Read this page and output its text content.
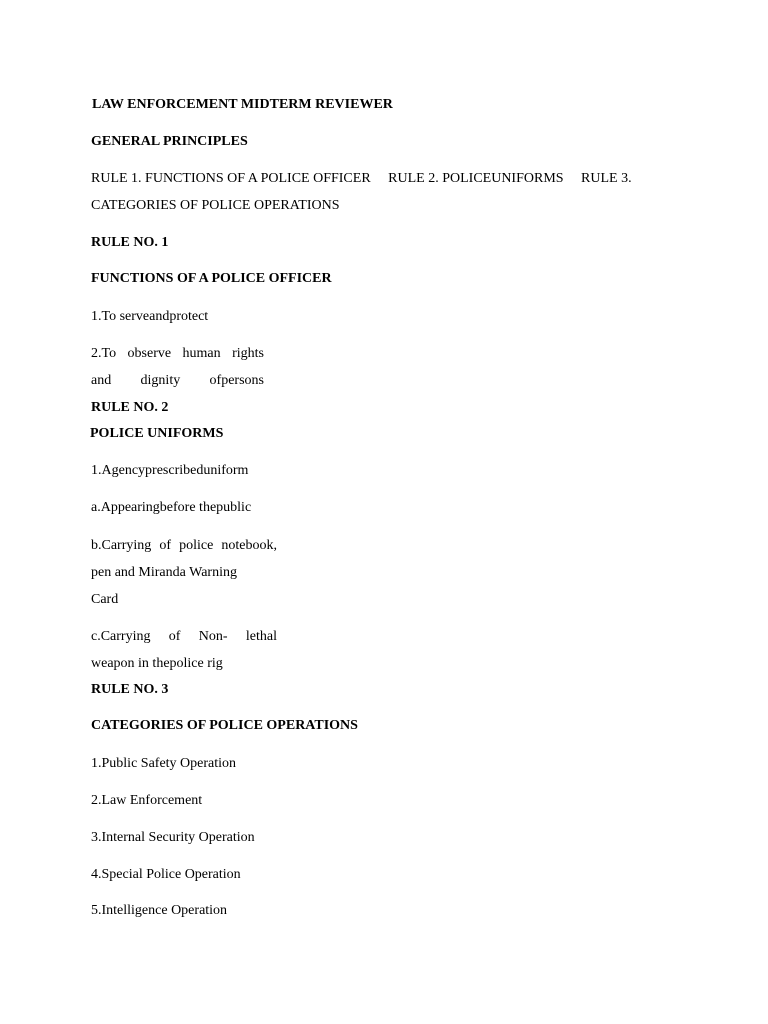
LAW ENFORCEMENT MIDTERM REVIEWER

GENERAL PRINCIPLES

RULE 1. FUNCTIONS OF A POLICE OFFICER     RULE 2. POLICEUNIFORMS     RULE 3.

CATEGORIES OF POLICE OPERATIONS

RULE NO. 1

FUNCTIONS OF A POLICE OFFICER

1.To serveandprotect

2.To observe human rights
and dignity ofpersons

RULE NO. 2

POLICE UNIFORMS

1.Agencyprescribeduniform

a.Appearingbefore thepublic

b.Carrying of police notebook,

pen and Miranda Warning

Card

c.Carrying of Non- lethal

weapon in thepolice rig

RULE NO. 3

CATEGORIES OF POLICE OPERATIONS

1.Public Safety Operation

2.Law Enforcement

3.Internal Security Operation

4.Special Police Operation

5.Intelligence Operation
